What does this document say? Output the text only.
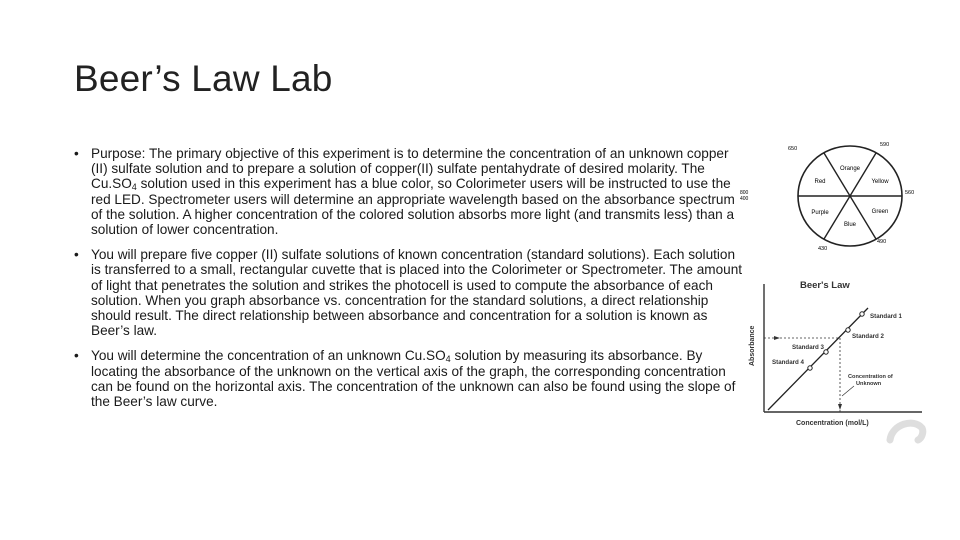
Beer’s Law Lab
• Purpose: The primary objective of this experiment is to determine the concentration of an unknown copper (II) sulfate solution and to prepare a solution of copper(II) sulfate pentahydrate of desired molarity. The $Cu.SO_4$ solution used in this experiment has a blue color, so Colorimeter users will be instructed to use the red LED. Spectrometer users will determine an appropriate wavelength based on the absorbance spectrum of the solution. A higher concentration of the colored solution absorbs more light (and transmits less) than a solution of lower concentration.
• You will prepare five copper (II) sulfate solutions of known concentration (standard solutions). Each solution is transferred to a small, rectangular cuvette that is placed into the Colorimeter or Spectrometer. The amount of light that penetrates the solution and strikes the photocell is used to compute the absorbance of each solution. When you graph absorbance vs. concentration for the standard solutions, a direct relationship should result. The direct relationship between absorbance and concentration for a solution is known as Beer’s law.
• You will determine the concentration of an unknown $Cu.SO_4$ solution by measuring its absorbance. By locating the absorbance of the unknown on the vertical axis of the graph, the corresponding concentration can be found on the horizontal axis. The concentration of the unknown can also be found using the slope of the Beer’s law curve.
Orange
Red	Yellow
Green
Blue
Purple
650
590
560
490
430
800
400
Beer's Law
Absorbance
Concentration (mol/L)
Standard 1
Standard 2
Standard 3
Standard 4
Concentration of
Unknown
